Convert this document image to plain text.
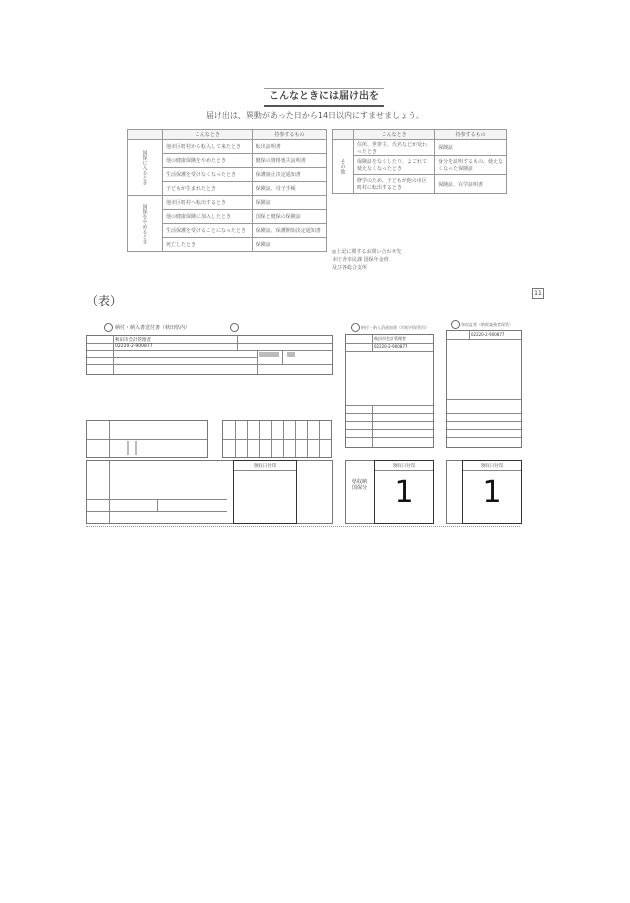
こんなときには届け出を
届け出は、異動があった日から14日以内にすませましょう。
	こんなとき	持参するもの
国保に入るとき	他市区町村から転入して来たとき	転出証明書
	他の健康保険をやめたとき	健保の資格喪失証明書
	生活保護を受けなくなったとき	保護廃止決定通知書
	子どもが生まれたとき	保険証、母子手帳
国保をやめるとき	他市区町村へ転出するとき	保険証
	他の健康保険に加入したとき	国保と健保の保険証
	生活保護を受けることになったとき	保険証、保護開始決定通知書
	死亡したとき	保険証
	こんなとき	持参するもの
その他	住所、世帯主、氏名などが変わったとき	保険証
	保険証をなくしたり、よごれて使えなくなったとき	身分を証明するもの、使えなくなった保険証
	修学のため、子どもが他の市区町村に転出するとき	保険証、在学証明書
◎上記に関するお問い合わせ先
本庁舎市民課 国保年金班
及び各総合支所
（表）
11
納付・納入書送付書（秋田県内）
秋田市会計管理者
02220-2-900877
領収日付印
納付・納入済通知書（市町村保管用）
秋田市会計管理者
02220-2-900877
県収納
国保分
領収日付印
1
領収証書（納税義務者保管）
02220-2-900877
領収日付印
1
